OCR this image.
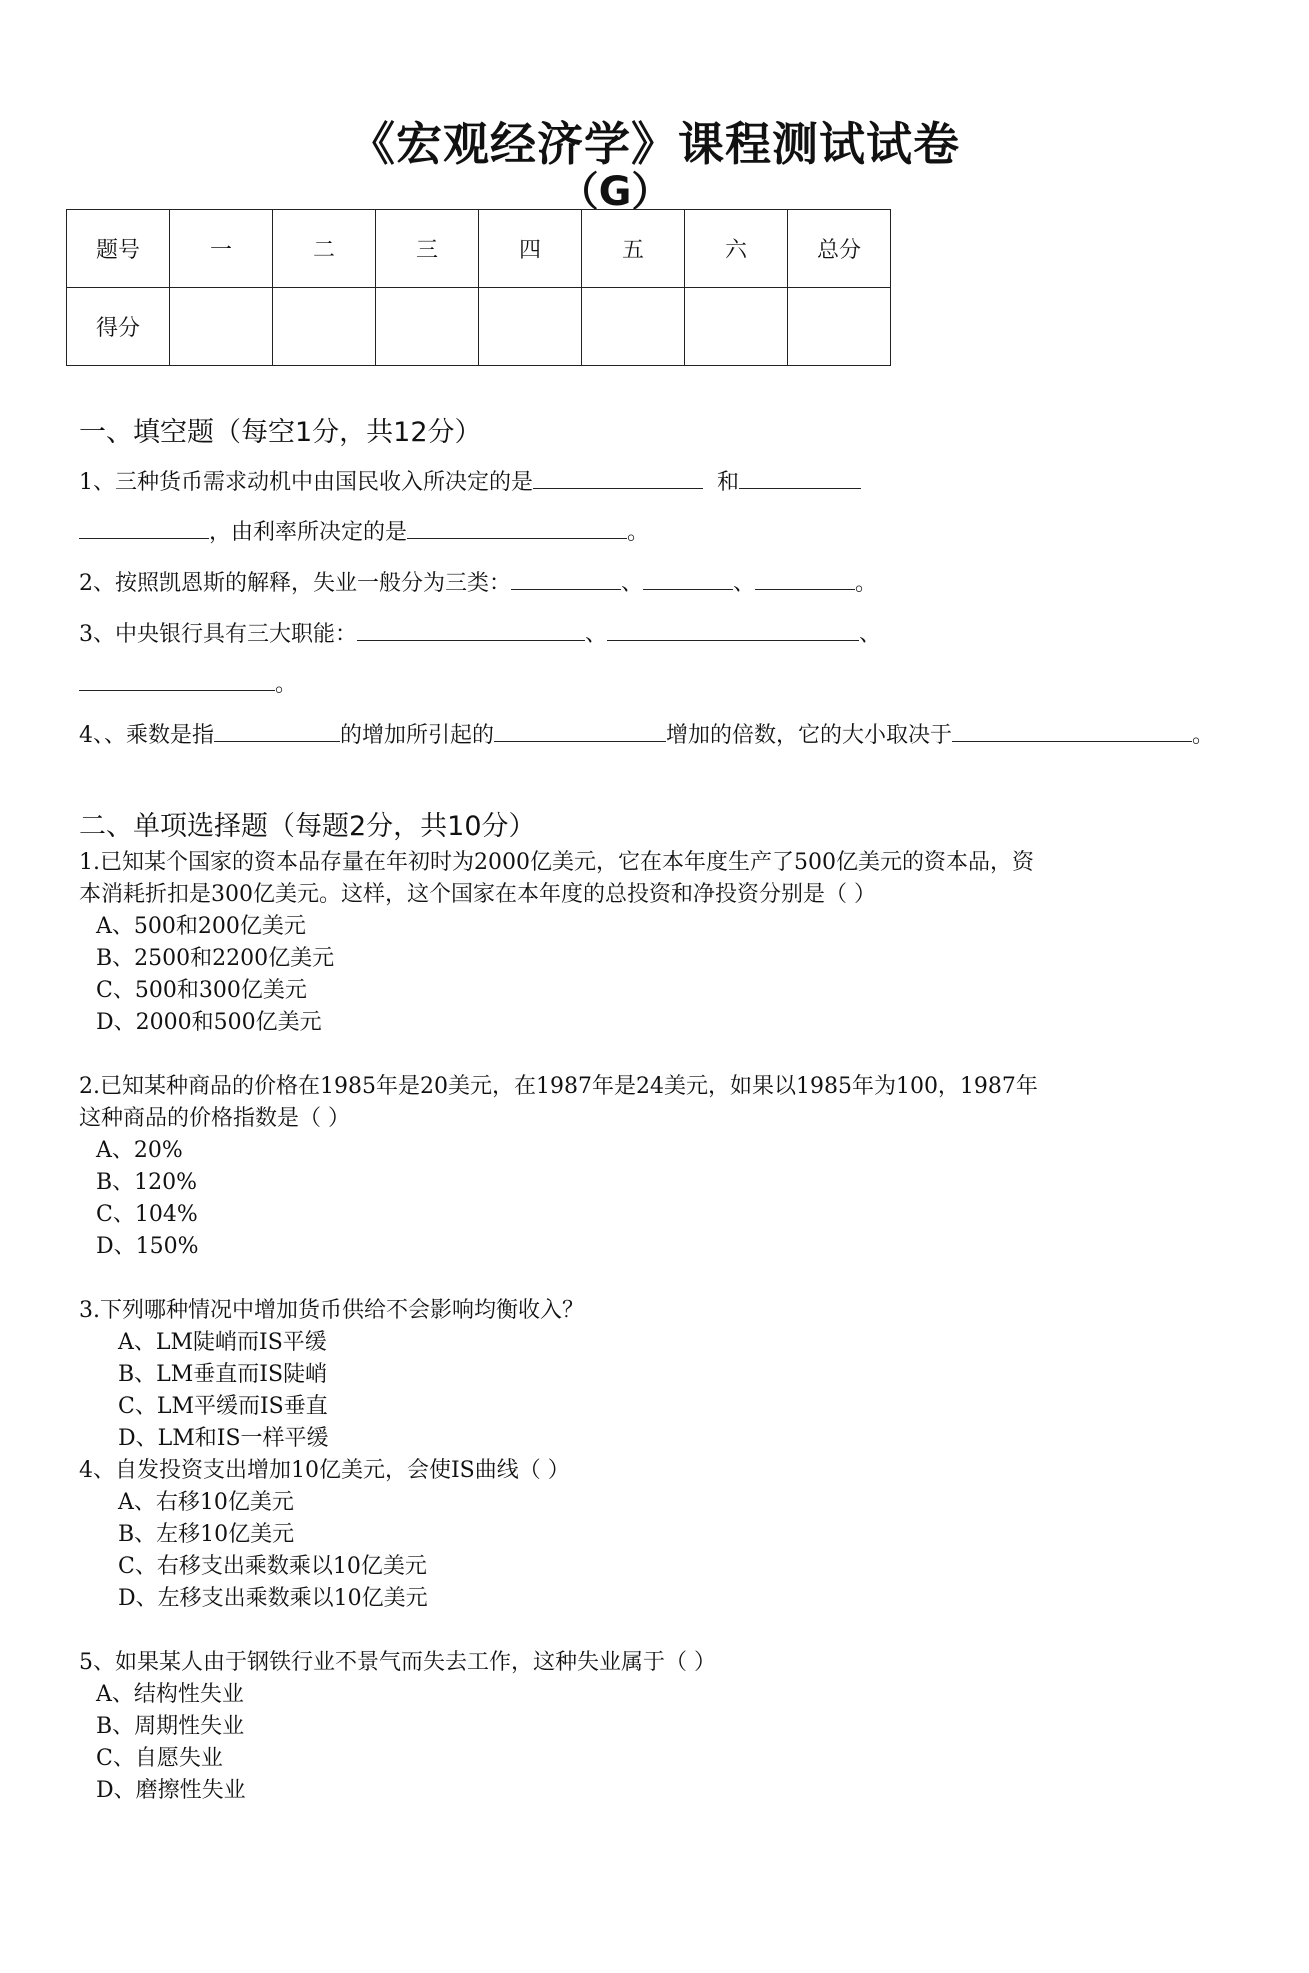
《宏观经济学》课程测试试卷
（G）
题号	一	二	三	四	五	六	总分
得分							
一、填空题（每空1分，共12分）
1、三种货币需求动机中由国民收入所决定的是	和
，由利率所决定的是	。
2、按照凯恩斯的解释，失业一般分为三类：	、	、	。
3、中央银行具有三大职能：	、	、
。
4、、乘数是指	的增加所引起的	增加的倍数，它的大小取决于	。
二、单项选择题（每题2分，共10分）
1.已知某个国家的资本品存量在年初时为2000亿美元，它在本年度生产了500亿美元的资本品，资
本消耗折扣是300亿美元。这样，这个国家在本年度的总投资和净投资分别是（ ）
A、500和200亿美元
B、2500和2200亿美元
C、500和300亿美元
D、2000和500亿美元
2.已知某种商品的价格在1985年是20美元，在1987年是24美元，如果以1985年为100，1987年
这种商品的价格指数是（ ）
A、20%
B、120%
C、104%
D、150%
3.下列哪种情况中增加货币供给不会影响均衡收入？
A、LM陡峭而IS平缓
B、LM垂直而IS陡峭
C、LM平缓而IS垂直
D、LM和IS一样平缓
4、自发投资支出增加10亿美元，会使IS曲线（ ）
A、右移10亿美元
B、左移10亿美元
C、右移支出乘数乘以10亿美元
D、左移支出乘数乘以10亿美元
5、如果某人由于钢铁行业不景气而失去工作，这种失业属于（ ）
A、结构性失业
B、周期性失业
C、自愿失业
D、磨擦性失业
